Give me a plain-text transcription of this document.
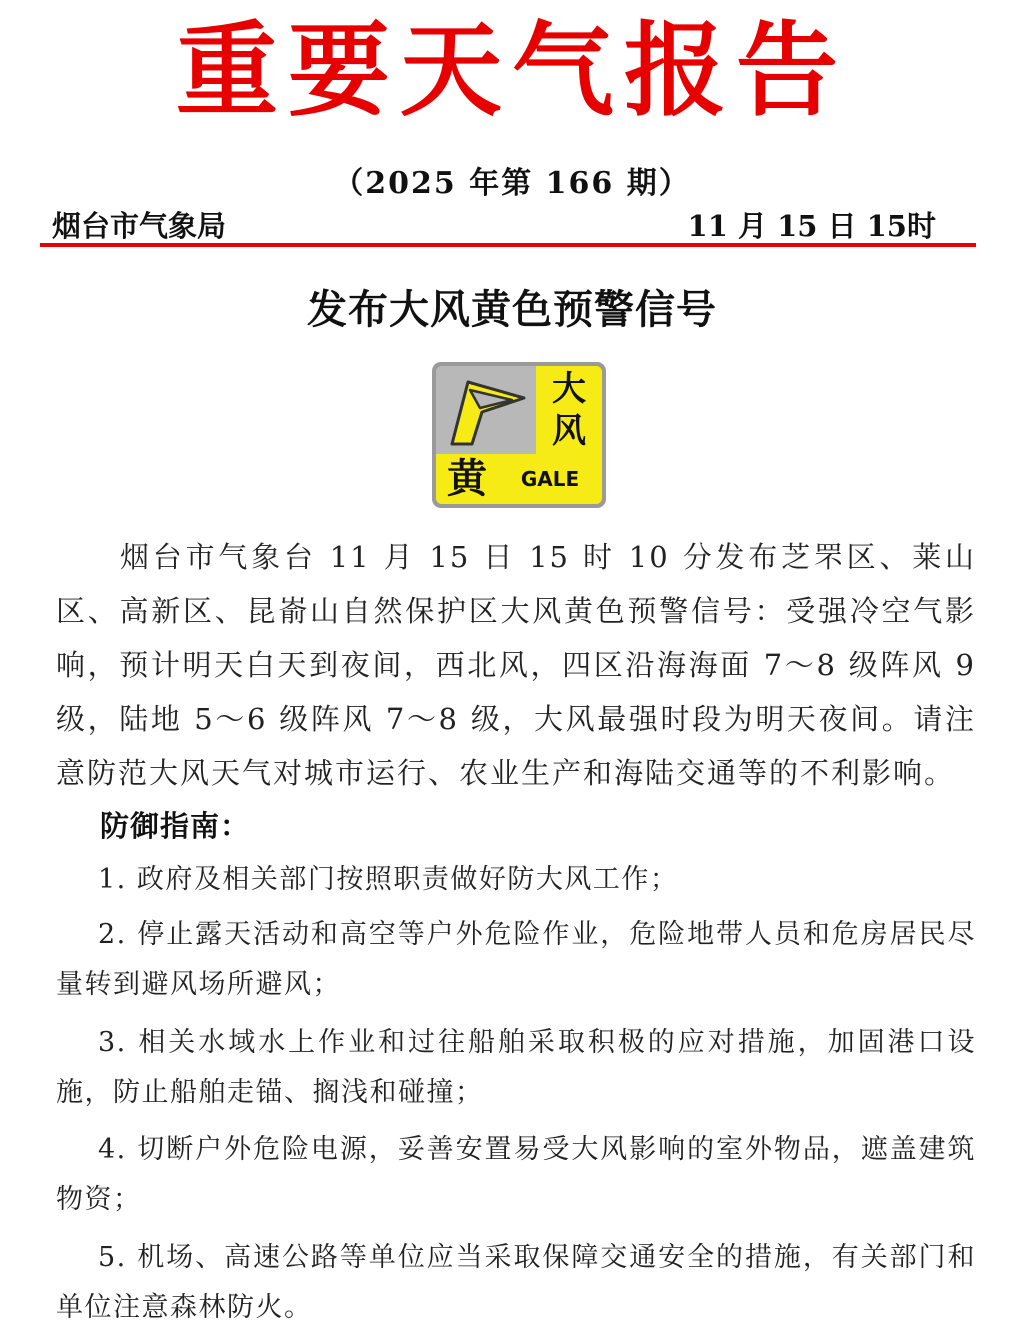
重要天气报告
（2025 年第 166 期）
烟台市气象局	11 月 15 日 15时
发布大风黄色预警信号
大
风
黄	GALE

烟台市气象台 11 月 15 日 15 时 10 分发布芝罘区、莱山区、高新区、昆嵛山自然保护区大风黄色预警信号：受强冷空气影响，预计明天白天到夜间，西北风，四区沿海海面 7～8 级阵风 9 级，陆地 5～6 级阵风 7～8 级，大风最强时段为明天夜间。请注意防范大风天气对城市运行、农业生产和海陆交通等的不利影响。

防御指南：

1. 政府及相关部门按照职责做好防大风工作；

2. 停止露天活动和高空等户外危险作业，危险地带人员和危房居民尽量转到避风场所避风；

3. 相关水域水上作业和过往船舶采取积极的应对措施，加固港口设施，防止船舶走锚、搁浅和碰撞；

4. 切断户外危险电源，妥善安置易受大风影响的室外物品，遮盖建筑物资；

5. 机场、高速公路等单位应当采取保障交通安全的措施，有关部门和单位注意森林防火。
